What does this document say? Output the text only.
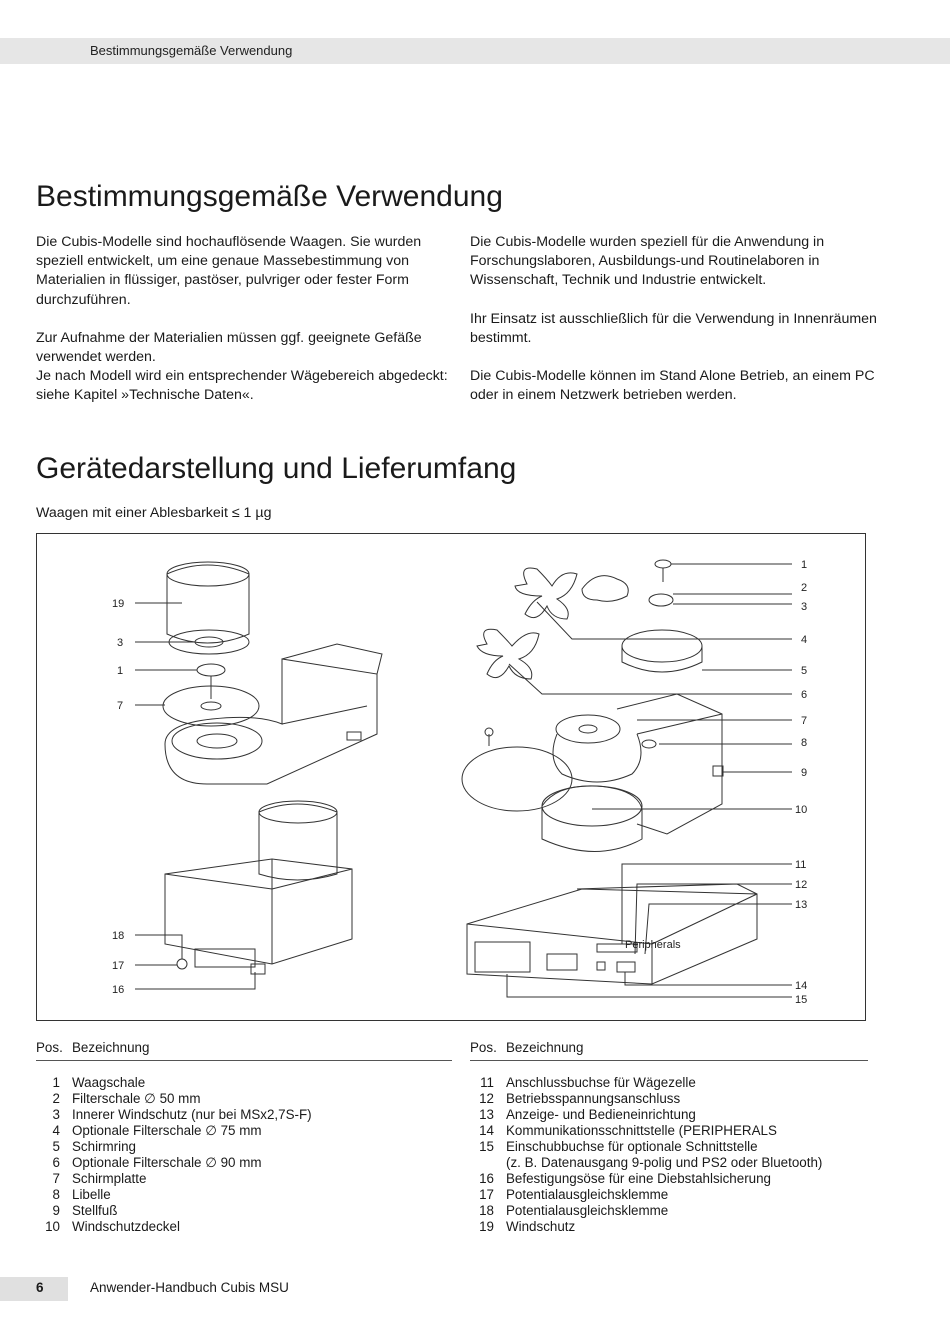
Bestimmungsgemäße Verwendung
Bestimmungsgemäße Verwendung

Die Cubis-Modelle sind hochauflösende Waagen. Sie wurden speziell entwickelt, um eine genaue Massebestimmung von Materialien in flüssiger, pastöser, pulvriger oder fester Form durchzuführen.

Zur Aufnahme der Materialien müssen ggf. geeignete Gefäße verwendet werden.
Je nach Modell wird ein entsprechender Wägebereich abgedeckt: siehe Kapitel »Technische Daten«.

Die Cubis-Modelle wurden speziell für die Anwendung in Forschungslaboren, Ausbildungs-und Routinelaboren in Wissenschaft, Technik und Industrie entwickelt.

Ihr Einsatz ist ausschließlich für die Verwendung in Innenräumen bestimmt.

Die Cubis-Modelle können im Stand Alone Betrieb, an einem PC oder in einem Netzwerk betrieben werden.

Gerätedarstellung und Lieferumfang
Waagen mit einer Ablesbarkeit ≤ 1 µg
Peripherals
19
3
1
7
18
17
16
1
2
3
4
5
6
7
8
9
10
11
12
13
14
15
Pos. Bezeichnung
1 Waagschale
2 Filterschale ∅ 50 mm
3 Innerer Windschutz (nur bei MSx2,7S-F)
4 Optionale Filterschale ∅ 75 mm
5 Schirmring
6 Optionale Filterschale ∅ 90 mm
7 Schirmplatte
8 Libelle
9 Stellfuß
10 Windschutzdeckel
Pos. Bezeichnung
11 Anschlussbuchse für Wägezelle
12 Betriebsspannungsanschluss
13 Anzeige- und Bedieneinrichtung
14 Kommunikationsschnittstelle (PERIPHERALS
15 Einschubbuchse für optionale Schnittstelle
(z. B. Datenausgang 9-polig und PS2 oder Bluetooth)
16 Befestigungsöse für eine Diebstahlsicherung
17 Potentialausgleichsklemme
18 Potentialausgleichsklemme
19 Windschutz
6	Anwender-Handbuch Cubis MSU
